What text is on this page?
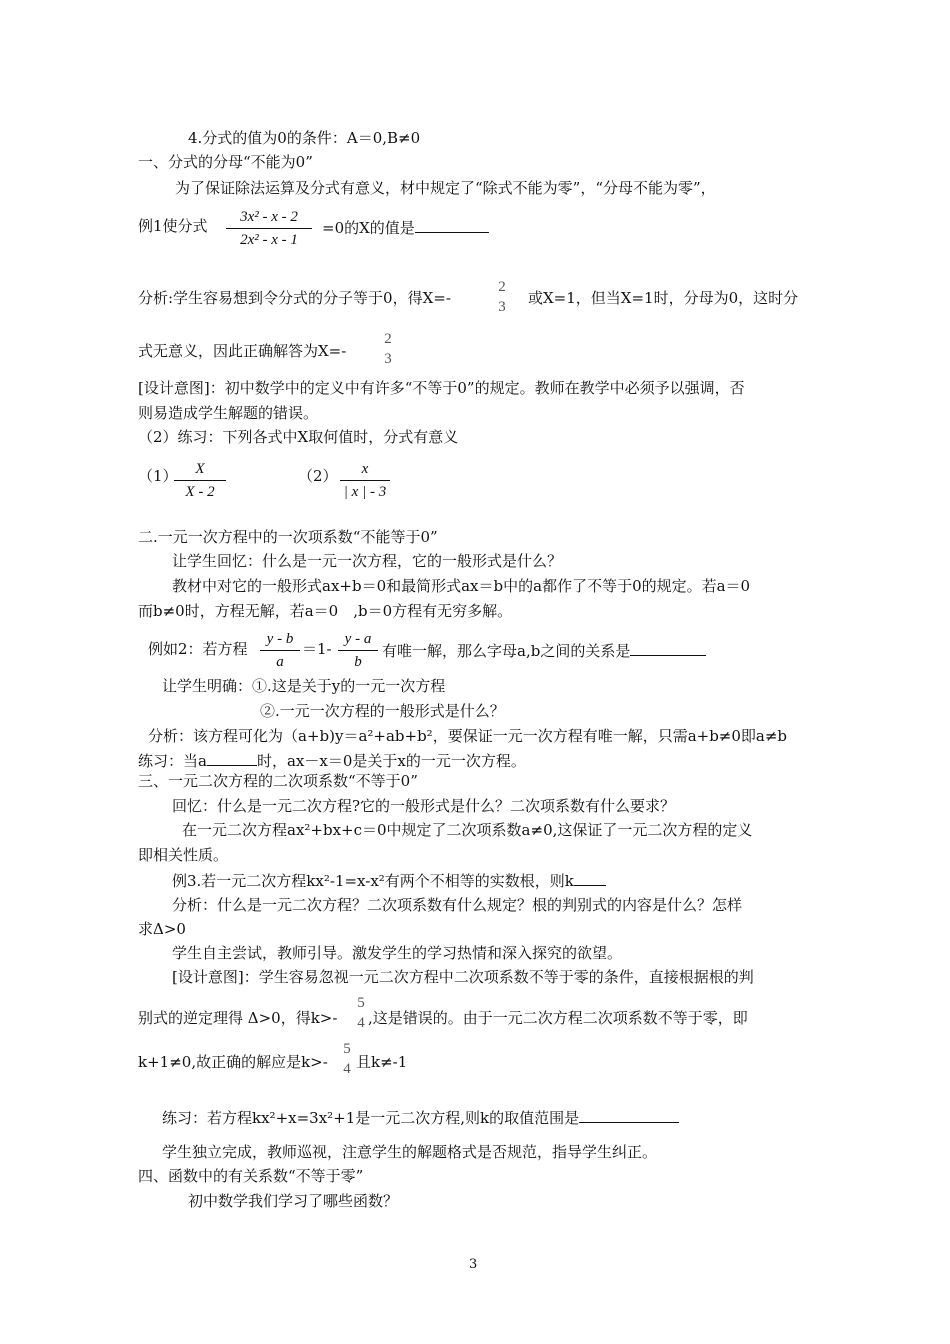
4.分式的值为0的条件：A＝0,B≠0
一、分式的分母“不能为0”
为了保证除法运算及分式有意义，材中规定了“除式不能为零”，“分母不能为零”，
例1使分式	3x² - x - 2
2x² - x - 1
=0的X的值是
分析:学生容易想到令分式的分子等于0，得X=-
2
3 或X=1，但当X=1时，分母为0，这时分
式无意义，因此正确解答为X=-
2
3
[设计意图]：初中数学中的定义中有许多“不等于0”的规定。教师在教学中必须予以强调，否
则易造成学生解题的错误。
（2）练习：下列各式中X取何值时，分式有意义
（1）	X
X - 2
（2）	x
| x | - 3
二.一元一次方程中的一次项系数“不能等于0”
让学生回忆：什么是一元一次方程，它的一般形式是什么？
教材中对它的一般形式ax+b＝0和最简形式ax＝b中的a都作了不等于0的规定。若a＝0
而b≠0时，方程无解，若a＝0　,b＝0方程有无穷多解。
例如2：若方程
y - b
a
＝1-
y - a
b
有唯一解，那么字母a,b之间的关系是
让学生明确：①.这是关于y的一元一次方程
②.一元一次方程的一般形式是什么？
分析：该方程可化为（a+b)y＝a²+ab+b²，要保证一元一次方程有唯一解，只需a+b≠0即a≠b
练习：当a	时，ax－x＝0是关于x的一元一次方程。
三、一元二次方程的二次项系数“不等于0”
回忆：什么是一元二次方程?它的一般形式是什么？二次项系数有什么要求？
在一元二次方程ax²+bx+c＝0中规定了二次项系数a≠0,这保证了一元二次方程的定义
即相关性质。
例3.若一元二次方程kx²-1=x-x²有两个不相等的实数根，则k
分析：什么是一元二次方程？二次项系数有什么规定？根的判别式的内容是什么？怎样
求Δ>0
学生自主尝试，教师引导。激发学生的学习热情和深入探究的欲望。
[设计意图]：学生容易忽视一元二次方程中二次项系数不等于零的条件，直接根据根的判
别式的逆定理得 Δ>0，得k>-
5
4 ,这是错误的。由于一元二次方程二次项系数不等于零，即
k+1≠0,故正确的解应是k>-
5
4 且k≠-1
练习：若方程kx²+x=3x²+1是一元二次方程,则k的取值范围是
学生独立完成，教师巡视，注意学生的解题格式是否规范，指导学生纠正。
四、函数中的有关系数“不等于零”
初中数学我们学习了哪些函数？
3
